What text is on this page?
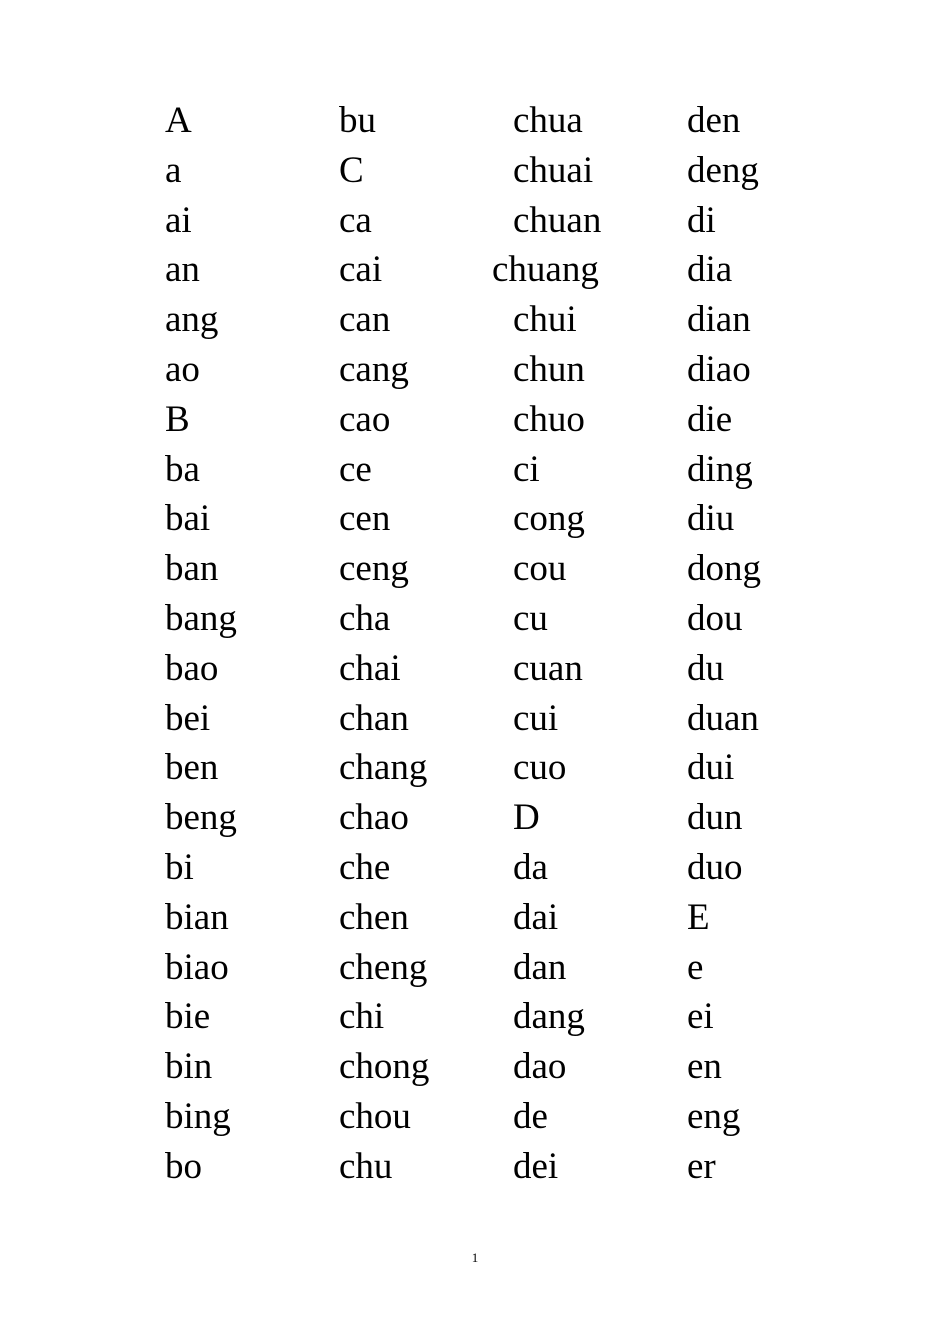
A
a
ai
an
ang
ao
B
ba
bai
ban
bang
bao
bei
ben
beng
bi
bian
biao
bie
bin
bing
bo
bu
C
ca
cai
can
cang
cao
ce
cen
ceng
cha
chai
chan
chang
chao
che
chen
cheng
chi
chong
chou
chu
chua
chuai
chuan
chuang
chui
chun
chuo
ci
cong
cou
cu
cuan
cui
cuo
D
da
dai
dan
dang
dao
de
dei
den
deng
di
dia
dian
diao
die
ding
diu
dong
dou
du
duan
dui
dun
duo
E
e
ei
en
eng
er
1
